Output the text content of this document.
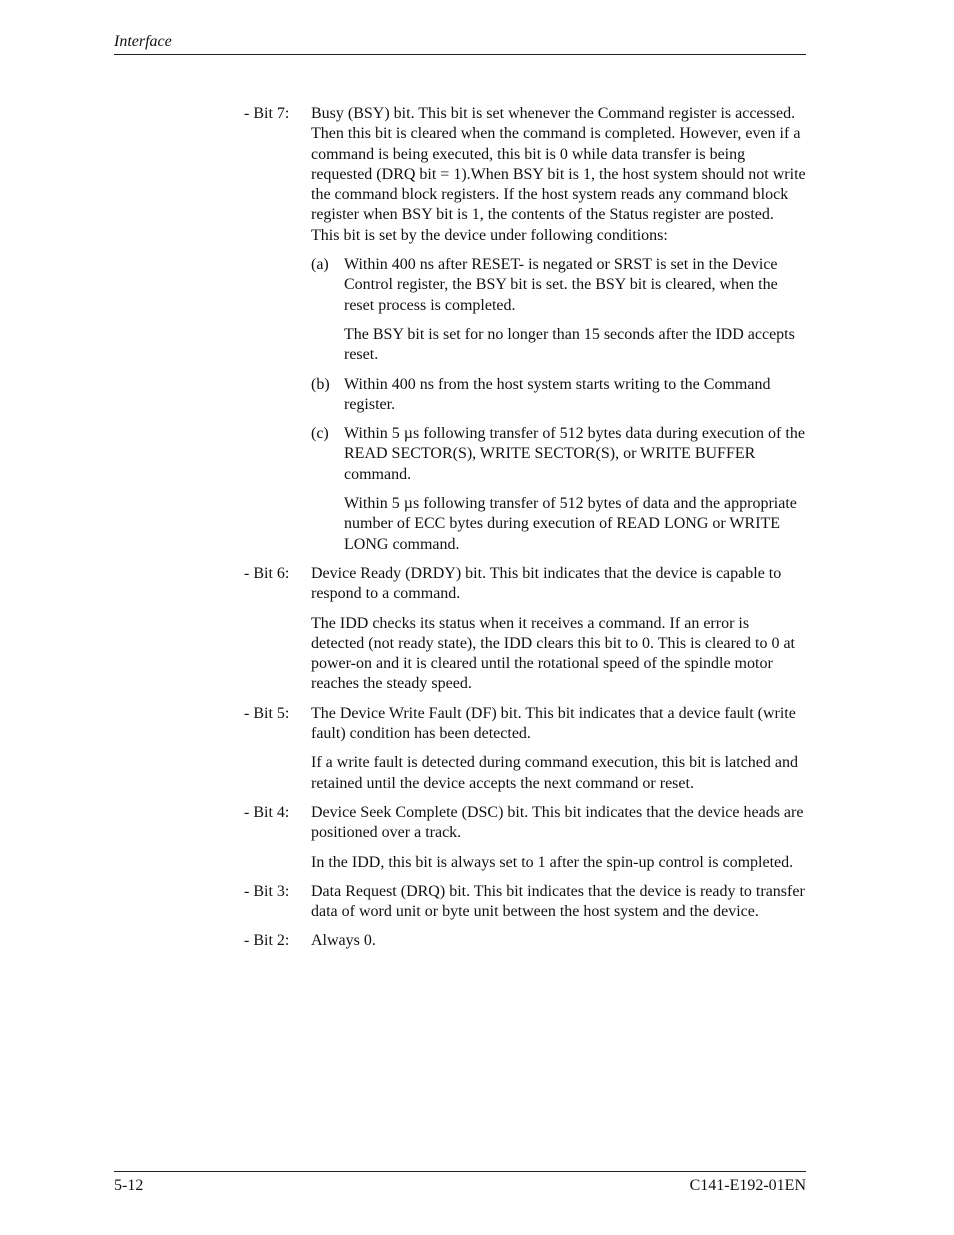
Interface
- Bit 7:	Busy (BSY) bit. This bit is set whenever the Command register is accessed. Then this bit is cleared when the command is completed. However, even if a command is being executed, this bit is 0 while data transfer is being requested (DRQ bit = 1).When BSY bit is 1, the host system should not write the command block registers. If the host system reads any command block register when BSY bit is 1, the contents of the Status register are posted. This bit is set by the device under following conditions:

(a) Within 400 ns after RESET- is negated or SRST is set in the Device Control register, the BSY bit is set. the BSY bit is cleared, when the reset process is completed.

The BSY bit is set for no longer than 15 seconds after the IDD accepts reset.

(b) Within 400 ns from the host system starts writing to the Command register.

(c) Within 5 µs following transfer of 512 bytes data during execution of the READ SECTOR(S), WRITE SECTOR(S), or WRITE BUFFER command.

Within 5 µs following transfer of 512 bytes of data and the appropriate number of ECC bytes during execution of READ LONG or WRITE LONG command.

- Bit 6:	Device Ready (DRDY) bit. This bit indicates that the device is capable to respond to a command.

The IDD checks its status when it receives a command. If an error is detected (not ready state), the IDD clears this bit to 0. This is cleared to 0 at power-on and it is cleared until the rotational speed of the spindle motor reaches the steady speed.

- Bit 5:	The Device Write Fault (DF) bit. This bit indicates that a device fault (write fault) condition has been detected.

If a write fault is detected during command execution, this bit is latched and retained until the device accepts the next command or reset.

- Bit 4:	Device Seek Complete (DSC) bit. This bit indicates that the device heads are positioned over a track.

In the IDD, this bit is always set to 1 after the spin-up control is completed.

- Bit 3:	Data Request (DRQ) bit. This bit indicates that the device is ready to transfer data of word unit or byte unit between the host system and the device.

- Bit 2:	Always 0.

5-12	C141-E192-01EN
